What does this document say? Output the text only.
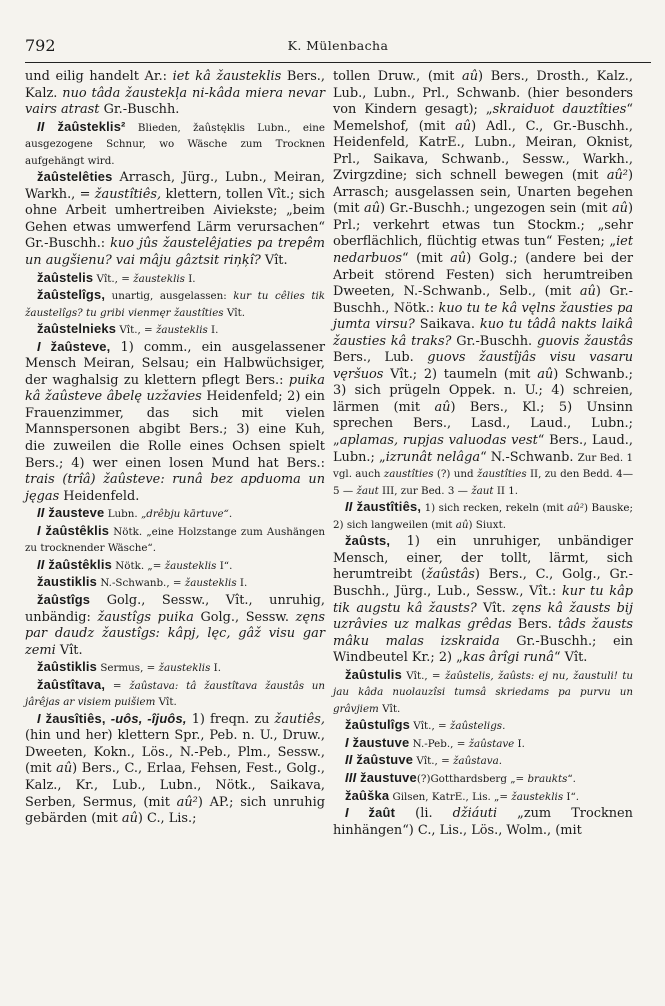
792	K. Mülenbacha

und eilig handelt Ar.: iet kâ žausteklis Bers., Kalz. nuo tâda žaustekļa ni-kâda miera nevar vairs atrast Gr.-Buschh.

II žaûsteklis² Blieden, žaûstęklis Lubn., eine ausgezogene Schnur, wo Wäsche zum Trocknen aufgehängt wird.

žaûstelêties Arrasch, Jürg., Lubn., Meiran, Warkh., = žaustîtiês, klettern, tollen Vît.; sich ohne Arbeit umhertreiben Aiviekste; „beim Gehen etwas umwerfend Lärm verursachen“ Gr.-Buschh.: kuo jûs žaustelêjaties pa trepêm un augšienu? vai mâju gâztsit riņķî? Vît.

žaûstelis Vît., = žausteklis I.

žaûstelîgs, unartig, ausgelassen: kur tu cêlies tik žaustelîgs? tu gribi vienmęr žaustîties Vît.

žaûstelnieks Vît., = žausteklis I.

I žaûsteve, 1) comm., ein ausgelassener Mensch Meiran, Selsau; ein Halbwüchsiger, der waghalsig zu klettern pflegt Bers.: puika kâ žaûsteve âbelę uzžavies Heidenfeld; 2) ein Frauenzimmer, das sich mit vielen Mannspersonen abgibt Bers.; 3) eine Kuh, die zuweilen die Rolle eines Ochsen spielt Bers.; 4) wer einen losen Mund hat Bers.: trais (trîâ) žaûsteve: runâ bez apduoma un jęgas Heidenfeld.

II žausteve Lubn. „drêbju kārtuve“.

I žaûstêklis Nötk. „eine Holzstange zum Aushängen zu trocknender Wäsche“.

II žaûstêklis Nötk. „= žausteklis I“.

žaustiklis N.-Schwanb., = žausteklis I.

žaûstîgs Golg., Sessw., Vît., unruhig, unbändig: žaustîgs puika Golg., Sessw. zęns par daudz žaustîgs: kâpj, lęc, gâž visu gar zemi Vît.

žaûstiklis Sermus, = žausteklis I.

žaûstîtava, = žaûstava: tâ žaustîtava žaustâs un jârêjas ar visiem puišiem Vît.

I žausîtiês, -uôs, -îjuôs, 1) freqn. zu žautiês, (hin und her) klettern Spr., Peb. n. U., Druw., Dweeten, Kokn., Lös., N.-Peb., Plm., Sessw., (mit aû) Bers., C., Erlaa, Fehsen, Fest., Golg., Kalz., Kr., Lub., Lubn., Nötk., Saikava, Serben, Sermus, (mit aû²) AP.; sich unruhig gebärden (mit aû) C., Lis.;

tollen Druw., (mit aû) Bers., Drosth., Kalz., Lub., Lubn., Prl., Schwanb. (hier besonders von Kindern gesagt); „skraiduot dauztîties“ Memelshof, (mit aû) Adl., C., Gr.-Buschh., Heidenfeld, KatrE., Lubn., Meiran, Oknist, Prl., Saikava, Schwanb., Sessw., Warkh., Zvirgzdine; sich schnell bewegen (mit aû²) Arrasch; ausgelassen sein, Unarten begehen (mit aû) Gr.-Buschh.; ungezogen sein (mit aû) Prl.; verkehrt etwas tun Stockm.; „sehr oberflächlich, flüchtig etwas tun“ Festen; „iet nedarbuos“ (mit aû) Golg.; (andere bei der Arbeit störend Festen) sich herumtreiben Dweeten, N.-Schwanb., Selb., (mit aû) Gr.-Buschh., Nötk.: kuo tu te kâ vęlns žausties pa jumta virsu? Saikava. kuo tu tâdâ nakts laikâ žausties kâ traks? Gr.-Buschh. guovis žaustâs Bers., Lub. guovs žaustîjâs visu vasaru vęršuos Vît.; 2) taumeln (mit aû) Schwanb.; 3) sich prügeln Oppek. n. U.; 4) schreien, lärmen (mit aû) Bers., Kl.; 5) Unsinn sprechen Bers., Lasd., Laud., Lubn.; „aplamas, rupjas valuodas vest“ Bers., Laud., Lubn.; „izrunât nelâga“ N.-Schwanb. Zur Bed. 1 vgl. auch zaustîties (?) und žaustîties II, zu den Bedd. 4—5 — žaut III, zur Bed. 3 — žaut II 1.

II žaustîtiês, 1) sich recken, rekeln (mit aû²) Bauske; 2) sich langweilen (mit aû) Siuxt.

žaûsts, 1) ein unruhiger, unbändiger Mensch, einer, der tollt, lärmt, sich herumtreibt (žaûstâs) Bers., C., Golg., Gr.-Buschh., Jürg., Lub., Sessw., Vît.: kur tu kâp tik augstu kâ žausts? Vît. zęns kâ žausts bij uzrâvies uz malkas grêdas Bers. tâds žausts mâku malas izskraida Gr.-Buschh.; ein Windbeutel Kr.; 2) „kas ârîgi runâ“ Vît.

žaûstulis Vît., = žaûstelis, žaûsts: ej nu, žaustuli! tu jau kâda nuolauzîsi tumsâ skriedams pa purvu un grâvjiem Vît.

žaûstulîgs Vît., = žaûsteligs.

I žaustuve N.-Peb., = žaûstave I.

II žaûstuve Vît., = žaûstava.

III žaustuve(?)Gotthardsberg „= braukts“.

žaûška Gilsen, KatrE., Lis. „= žausteklis I“.

I žaût (li. džiáuti „zum Trocknen hinhängen“) C., Lis., Lös., Wolm., (mit
